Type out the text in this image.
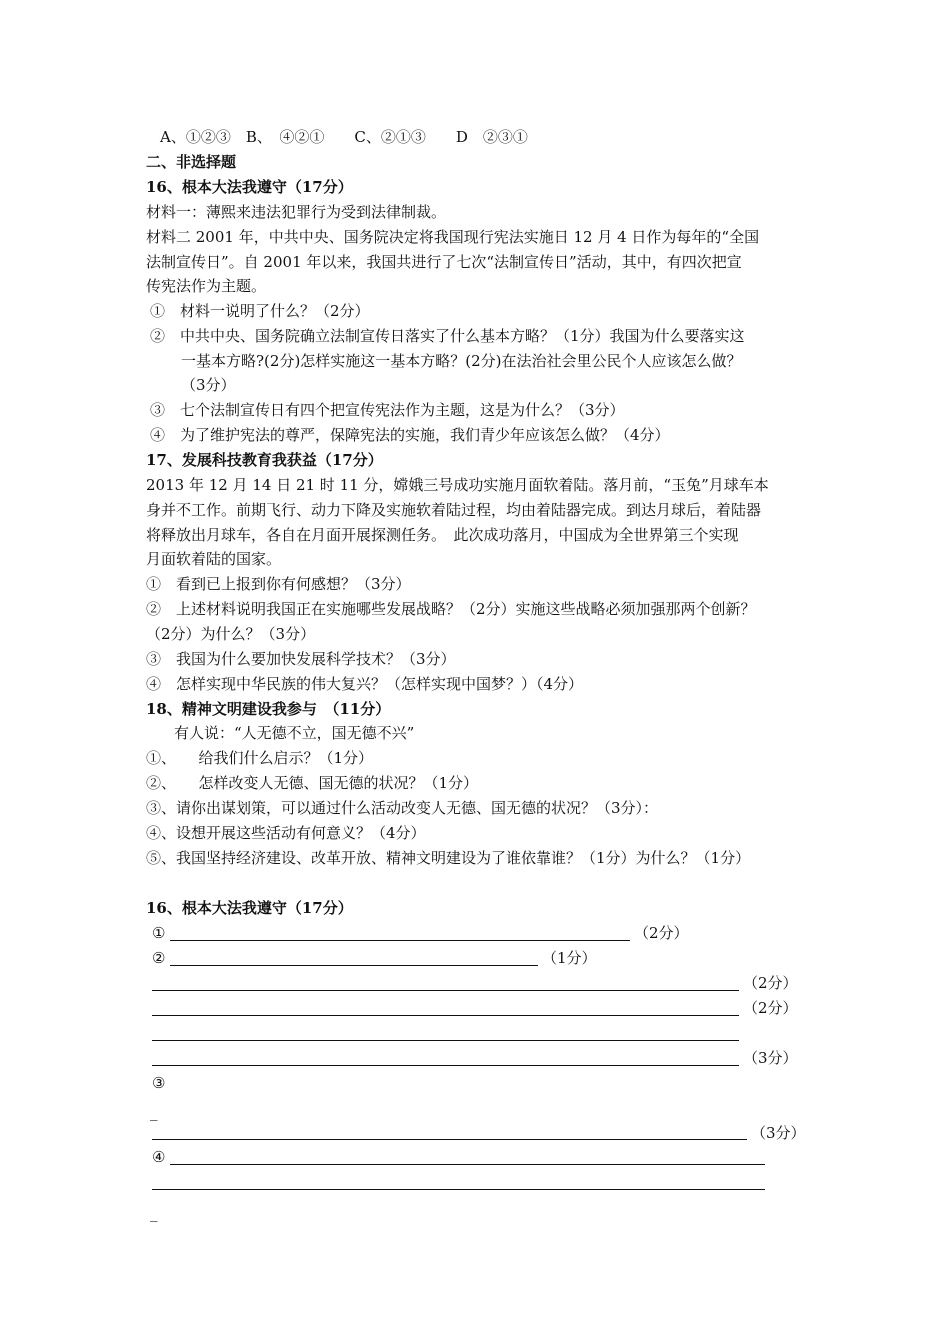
A、①②③　B、　④②①　　C、②①③　　D　②③①
二、非选择题
16、根本大法我遵守（17分）
材料一：薄熙来违法犯罪行为受到法律制裁。
材料二 2001 年，中共中央、国务院决定将我国现行宪法实施日 12 月 4 日作为每年的“全国
法制宣传日”。自 2001 年以来，我国共进行了七次“法制宣传日”活动，其中，有四次把宣
传宪法作为主题。
①　材料一说明了什么？（2分）
②　中共中央、国务院确立法制宣传日落实了什么基本方略？（1分）我国为什么要落实这
一基本方略?(2分)怎样实施这一基本方略？(2分)在法治社会里公民个人应该怎么做？
（3分）
③　七个法制宣传日有四个把宣传宪法作为主题，这是为什么？（3分）
④　为了维护宪法的尊严，保障宪法的实施，我们青少年应该怎么做？（4分）
17、发展科技教育我获益（17分）
2013 年 12 月 14 日 21 时 11 分，嫦娥三号成功实施月面软着陆。落月前，“玉兔”月球车本
身并不工作。前期飞行、动力下降及实施软着陆过程，均由着陆器完成。到达月球后，着陆器
将释放出月球车，各自在月面开展探测任务。　此次成功落月，中国成为全世界第三个实现
月面软着陆的国家。
①　看到已上报到你有何感想？（3分）
②　上述材料说明我国正在实施哪些发展战略？（2分）实施这些战略必须加强那两个创新？
（2分）为什么？（3分）
③　我国为什么要加快发展科学技术？（3分）
④　怎样实现中华民族的伟大复兴？（怎样实现中国梦？）（4分）
18、精神文明建设我参与　（11分）
有人说：“人无德不立，国无德不兴”
①、　　给我们什么启示？（1分）
②、　　怎样改变人无德、国无德的状况？（1分）
③、请你出谋划策，可以通过什么活动改变人无德、国无德的状况？（3分）：
④、设想开展这些活动有何意义？（4分）
⑤、我国坚持经济建设、改革开放、精神文明建设为了谁依靠谁？（1分）为什么？（1分）
16、根本大法我遵守（17分）
①	（2分）
②	（1分）
（2分）
（2分）
（3分）
③
_
（3分）
④
_
